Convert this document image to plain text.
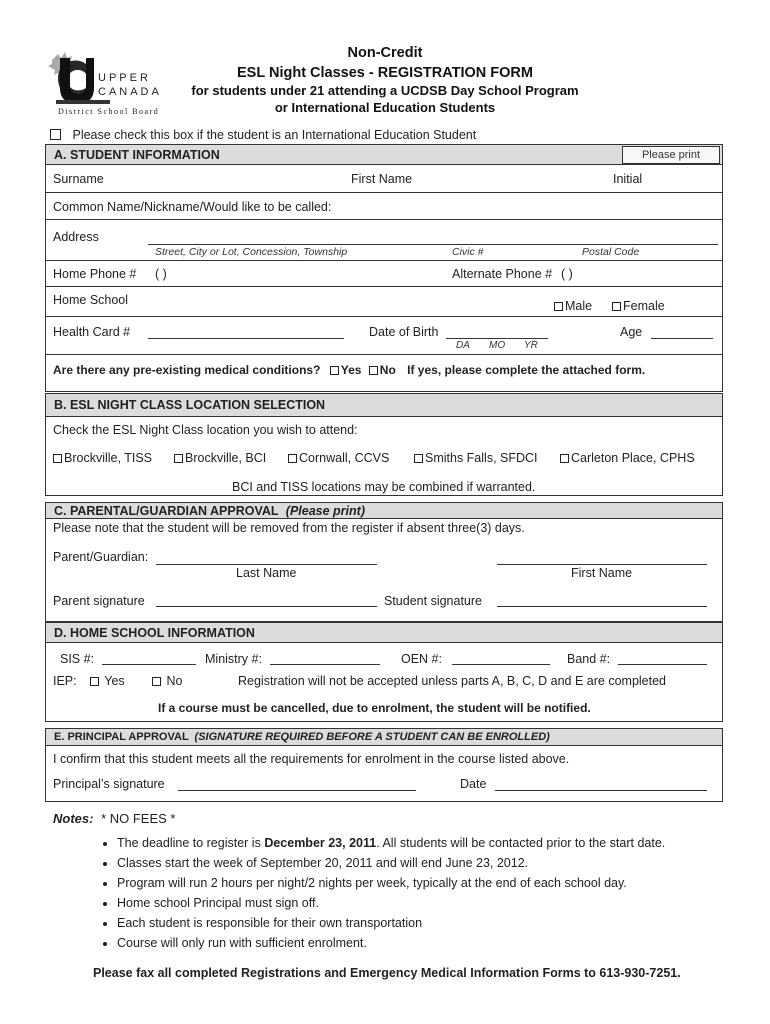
UPPER
CANADA
District School Board
Non-Credit
ESL Night Classes - REGISTRATION FORM
for students under 21 attending a UCDSB Day School Program
or International Education Students
Please check this box if the student is an International Education Student
A. STUDENT INFORMATION	Please print
Surname	First Name	Initial
Common Name/Nickname/Would like to be called:
Address
Street, City or Lot, Concession, Township	Civic #	Postal Code
Home Phone # ( )	Alternate Phone # ( )
Home School	Male	Female
Health Card #	Date of Birth
DA MO YR
Age
Are there any pre-existing medical conditions? Yes No If yes, please complete the attached form.
B. ESL NIGHT CLASS LOCATION SELECTION
Check the ESL Night Class location you wish to attend:
Brockville, TISS	Brockville, BCI	Cornwall, CCVS	Smiths Falls, SFDCI	Carleton Place, CPHS
BCI and TISS locations may be combined if warranted.
C. PARENTAL/GUARDIAN APPROVAL (Please print)
Please note that the student will be removed from the register if absent three(3) days.
Parent/Guardian:
Last Name	First Name
Parent signature	Student signature
D. HOME SCHOOL INFORMATION
SIS #:	Ministry #:	OEN #:	Band #:
IEP:	Yes	No	Registration will not be accepted unless parts A, B, C, D and E are completed
If a course must be cancelled, due to enrolment, the student will be notified.
E. PRINCIPAL APPROVAL (SIGNATURE REQUIRED BEFORE A STUDENT CAN BE ENROLLED)
I confirm that this student meets all the requirements for enrolment in the course listed above.
Principal’s signature	Date
Notes: * NO FEES *
• The deadline to register is December 23, 2011. All students will be contacted prior to the start date.
• Classes start the week of September 20, 2011 and will end June 23, 2012.
• Program will run 2 hours per night/2 nights per week, typically at the end of each school day.
• Home school Principal must sign off.
• Each student is responsible for their own transportation
• Course will only run with sufficient enrolment.
Please fax all completed Registrations and Emergency Medical Information Forms to 613-930-7251.
